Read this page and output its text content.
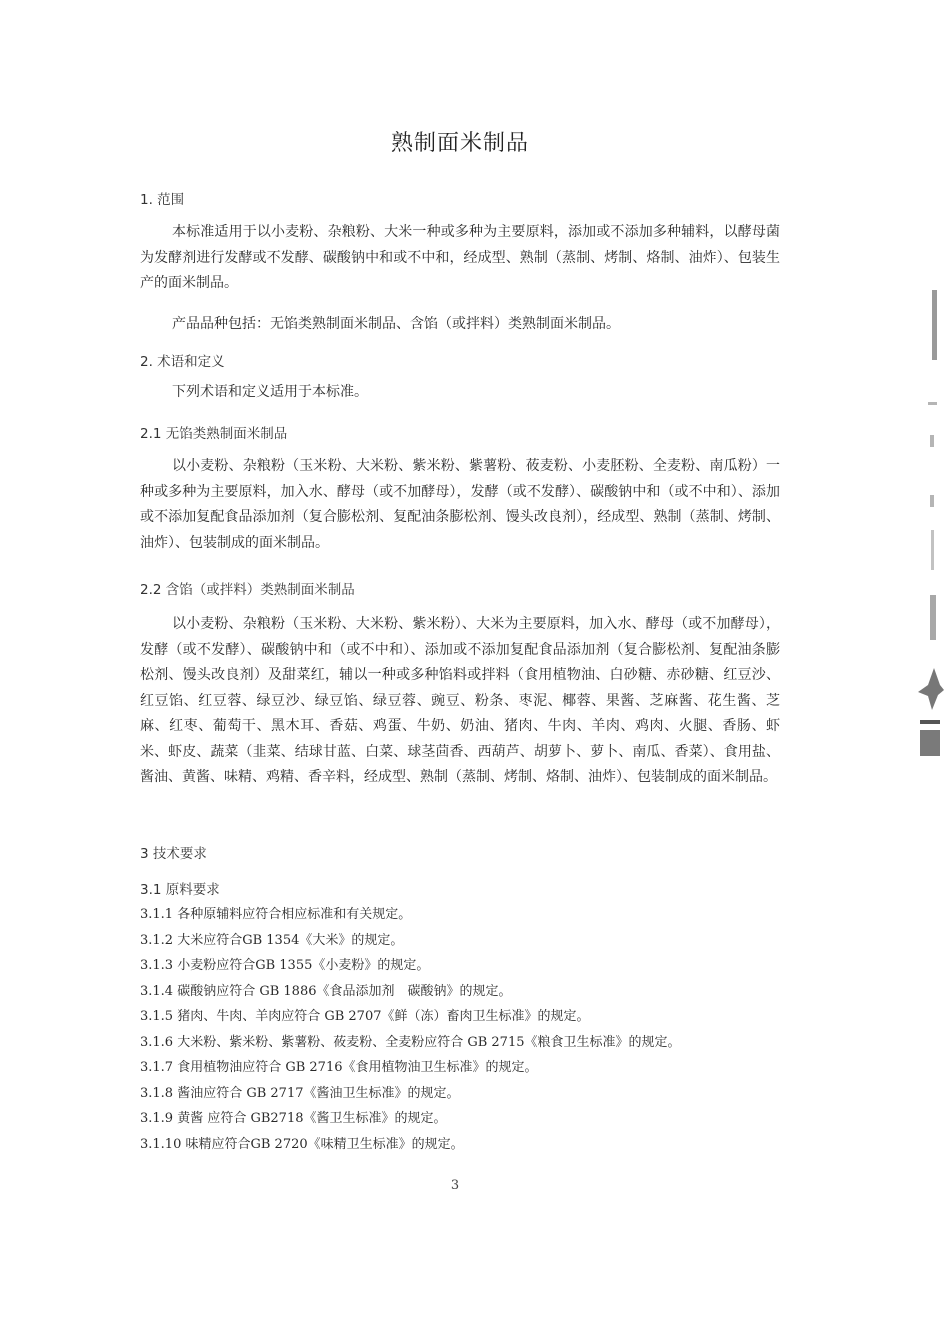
熟制面米制品
1. 范围
本标准适用于以小麦粉、杂粮粉、大米一种或多种为主要原料，添加或不添加多种辅料，以酵母菌为发酵剂进行发酵或不发酵、碳酸钠中和或不中和，经成型、熟制（蒸制、烤制、烙制、油炸）、包装生产的面米制品。
产品品种包括：无馅类熟制面米制品、含馅（或拌料）类熟制面米制品。
2. 术语和定义
下列术语和定义适用于本标准。
2.1 无馅类熟制面米制品
以小麦粉、杂粮粉（玉米粉、大米粉、紫米粉、紫薯粉、莜麦粉、小麦胚粉、全麦粉、南瓜粉）一种或多种为主要原料，加入水、酵母（或不加酵母），发酵（或不发酵）、碳酸钠中和（或不中和）、添加或不添加复配食品添加剂（复合膨松剂、复配油条膨松剂、馒头改良剂），经成型、熟制（蒸制、烤制、油炸）、包装制成的面米制品。
2.2 含馅（或拌料）类熟制面米制品
以小麦粉、杂粮粉（玉米粉、大米粉、紫米粉）、大米为主要原料，加入水、酵母（或不加酵母），发酵（或不发酵）、碳酸钠中和（或不中和）、添加或不添加复配食品添加剂（复合膨松剂、复配油条膨松剂、馒头改良剂）及甜菜红，辅以一种或多种馅料或拌料（食用植物油、白砂糖、赤砂糖、红豆沙、红豆馅、红豆蓉、绿豆沙、绿豆馅、绿豆蓉、豌豆、粉条、枣泥、椰蓉、果酱、芝麻酱、花生酱、芝麻、红枣、葡萄干、黑木耳、香菇、鸡蛋、牛奶、奶油、猪肉、牛肉、羊肉、鸡肉、火腿、香肠、虾米、虾皮、蔬菜（韭菜、结球甘蓝、白菜、球茎茴香、西葫芦、胡萝卜、萝卜、南瓜、香菜）、食用盐、酱油、黄酱、味精、鸡精、香辛料，经成型、熟制（蒸制、烤制、烙制、油炸）、包装制成的面米制品。
3 技术要求
3.1 原料要求
3.1.1 各种原辅料应符合相应标准和有关规定。
3.1.2 大米应符合GB 1354《大米》的规定。
3.1.3 小麦粉应符合GB 1355《小麦粉》的规定。
3.1.4 碳酸钠应符合 GB 1886《食品添加剂　碳酸钠》的规定。
3.1.5 猪肉、牛肉、羊肉应符合 GB 2707《鲜（冻）畜肉卫生标准》的规定。
3.1.6 大米粉、紫米粉、紫薯粉、莜麦粉、全麦粉应符合 GB 2715《粮食卫生标准》的规定。
3.1.7 食用植物油应符合 GB 2716《食用植物油卫生标准》的规定。
3.1.8 酱油应符合 GB 2717《酱油卫生标准》的规定。
3.1.9 黄酱 应符合 GB2718《酱卫生标准》的规定。
3.1.10 味精应符合GB 2720《味精卫生标准》的规定。
3
